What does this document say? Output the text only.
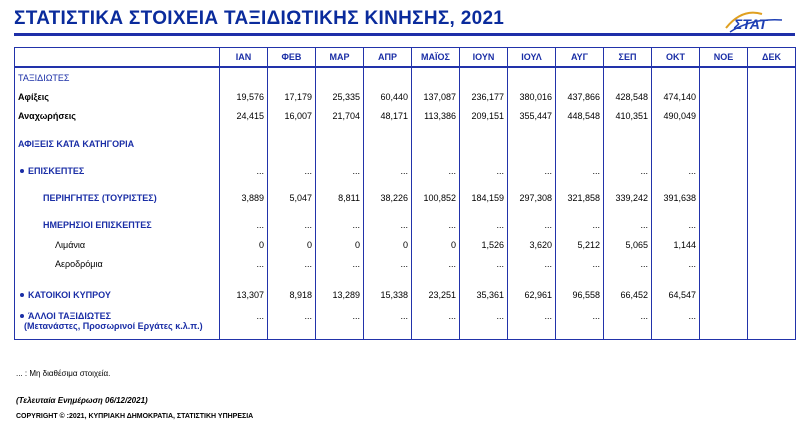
ΣΤΑΤΙΣΤΙΚΑ ΣΤΟΙΧΕΙΑ ΤΑΞΙΔΙΩΤΙΚΗΣ ΚΙΝΗΣΗΣ, 2021	ΣΤΑΤ
	ΙΑΝ	ΦΕΒ	ΜΑΡ	ΑΠΡ	ΜΑΪΟΣ	ΙΟΥΝ	ΙΟΥΛ	ΑΥΓ	ΣΕΠ	ΟΚΤ	ΝΟΕ	ΔΕΚ
ΤΑΞΙΔΙΩΤΕΣ												
Αφίξεις	19,576	17,179	25,335	60,440	137,087	236,177	380,016	437,866	428,548	474,140		
Αναχωρήσεις	24,415	16,007	21,704	48,171	113,386	209,151	355,447	448,548	410,351	490,049		

ΑΦΙΞΕΙΣ ΚΑΤΑ ΚΑΤΗΓΟΡΙΑ												

ΕΠΙΣΚΕΠΤΕΣ	...	...	...	...	...	...	...	...	...	...		

ΠΕΡΙΗΓΗΤΕΣ (ΤΟΥΡΙΣΤΕΣ)	3,889	5,047	8,811	38,226	100,852	184,159	297,308	321,858	339,242	391,638		

ΗΜΕΡΗΣΙΟΙ ΕΠΙΣΚΕΠΤΕΣ	...	...	...	...	...	...	...	...	...	...		
Λιμάνια	0	0	0	0	0	1,526	3,620	5,212	5,065	1,144		
Αεροδρόμια	...	...	...	...	...	...	...	...	...	...		

ΚΑΤΟΙΚΟΙ ΚΥΠΡΟΥ	13,307	8,918	13,289	15,338	23,251	35,361	62,961	96,558	66,452	64,547		

ΆΛΛΟΙ ΤΑΞΙΔΙΩΤΕΣ
(Μετανάστες, Προσωρινοί Εργάτες κ.λ.π.)	...	...	...	...	...	...	...	...	...	...		
... : Μη διαθέσιμα στοιχεία.
(Τελευταία Ενημέρωση 06/12/2021)
COPYRIGHT © :2021, ΚΥΠΡΙΑΚΗ ΔΗΜΟΚΡΑΤΙΑ, ΣΤΑΤΙΣΤΙΚΗ ΥΠΗΡΕΣΙΑ
